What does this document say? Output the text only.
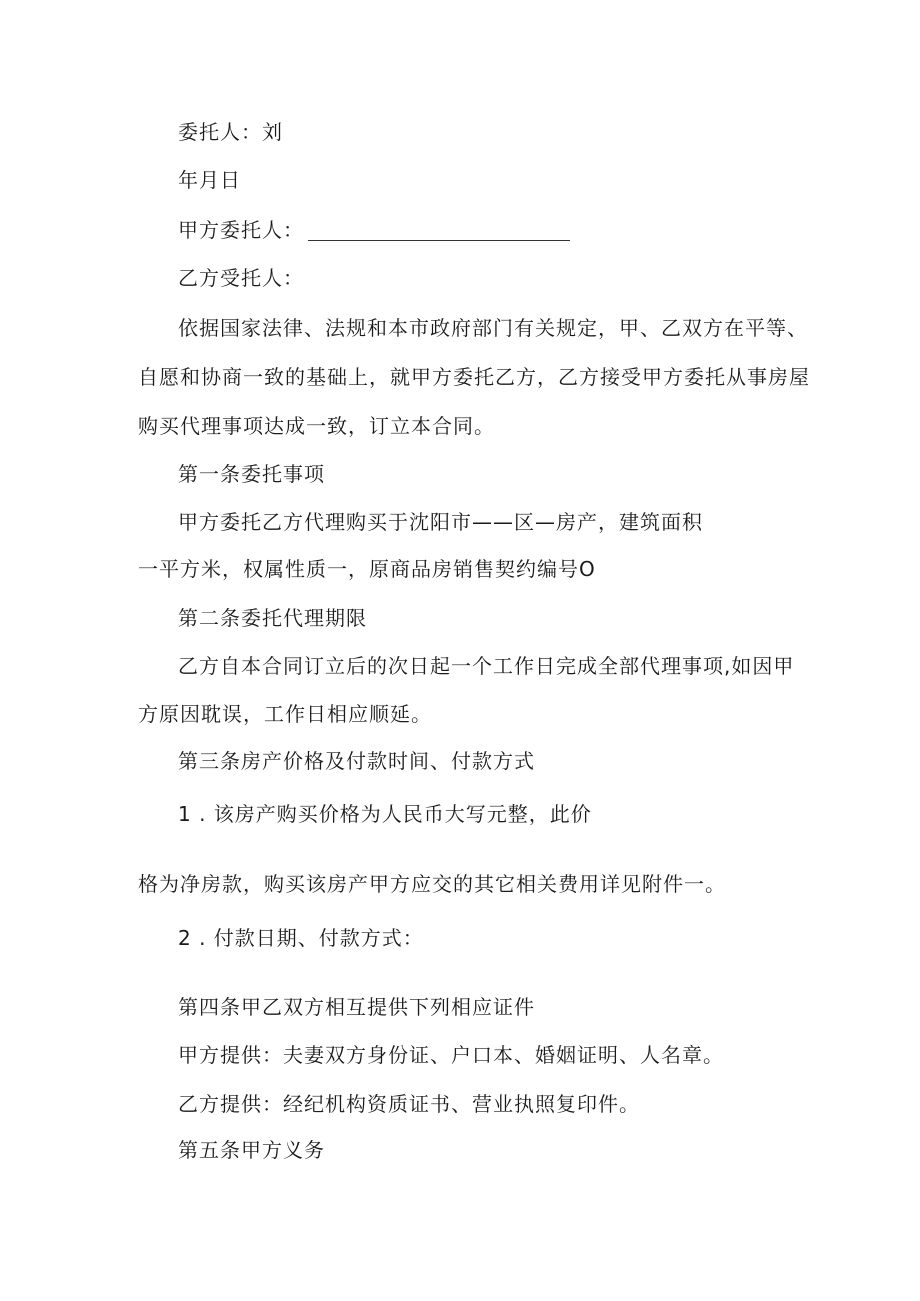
委托人：刘
年月日
甲方委托人：
乙方受托人：
依据国家法律、法规和本市政府部门有关规定，甲、乙双方在平等、
自愿和协商一致的基础上，就甲方委托乙方，乙方接受甲方委托从事房屋
购买代理事项达成一致，订立本合同。
第一条委托事项
甲方委托乙方代理购买于沈阳市——区—房产，建筑面积
一平方米，权属性质一，原商品房销售契约编号O
第二条委托代理期限
乙方自本合同订立后的次日起一个工作日完成全部代理事项,如因甲
方原因耽误，工作日相应顺延。
第三条房产价格及付款时间、付款方式
1 . 该房产购买价格为人民币大写元整，此价
格为净房款，购买该房产甲方应交的其它相关费用详见附件一。
2 . 付款日期、付款方式：
第四条甲乙双方相互提供下列相应证件
甲方提供：夫妻双方身份证、户口本、婚姻证明、人名章。
乙方提供：经纪机构资质证书、营业执照复印件。
第五条甲方义务
